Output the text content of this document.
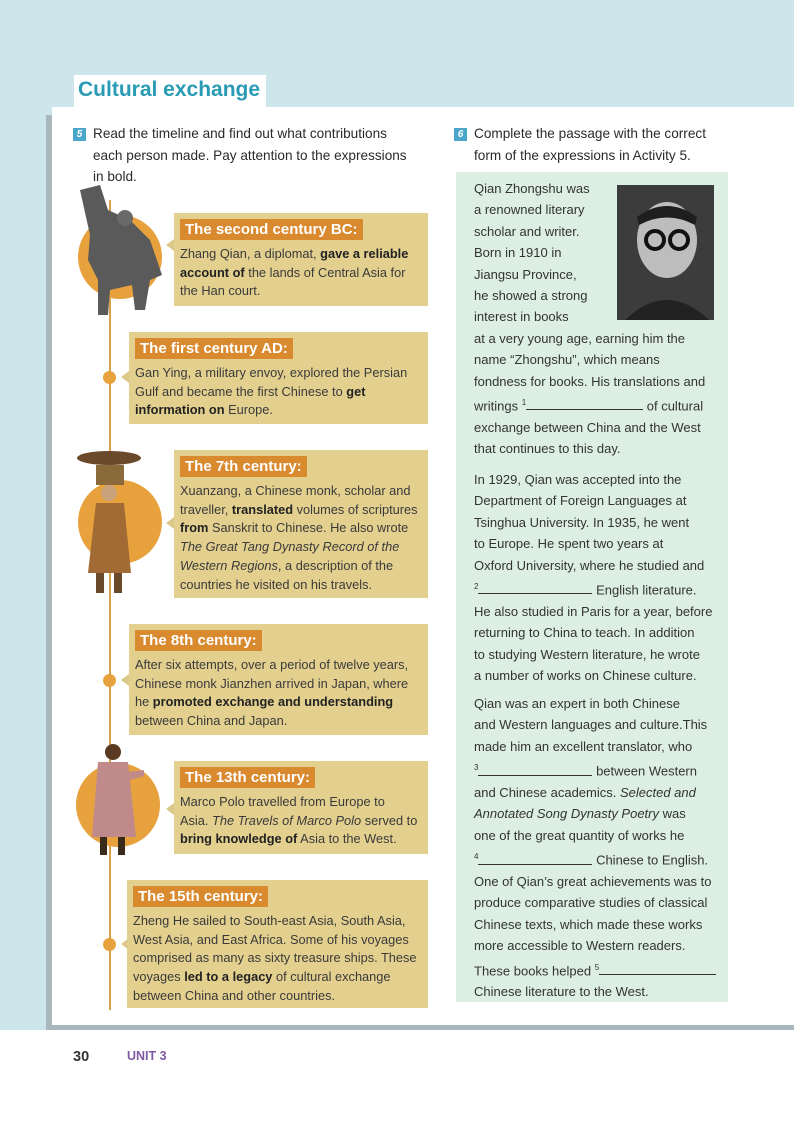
Cultural exchange
5 Read the timeline and find out what contributions
each person made. Pay attention to the expressions
in bold.
6 Complete the passage with the correct
form of the expressions in Activity 5.
The second century BC:
Zhang Qian, a diplomat, gave a reliable
account of the lands of Central Asia for
the Han court.
The first century AD:
Gan Ying, a military envoy, explored the Persian
Gulf and became the first Chinese to get
information on Europe.
The 7th century:
Xuanzang, a Chinese monk, scholar and
traveller, translated volumes of scriptures
from Sanskrit to Chinese. He also wrote
The Great Tang Dynasty Record of the
Western Regions, a description of the
countries he visited on his travels.
The 8th century:
After six attempts, over a period of twelve years,
Chinese monk Jianzhen arrived in Japan, where
he promoted exchange and understanding
between China and Japan.
The 13th century:
Marco Polo travelled from Europe to
Asia. The Travels of Marco Polo served to
bring knowledge of Asia to the West.
The 15th century:
Zheng He sailed to South-east Asia, South Asia,
West Asia, and East Africa. Some of his voyages
comprised as many as sixty treasure ships. These
voyages led to a legacy of cultural exchange
between China and other countries.
Qian Zhongshu was
a renowned literary
scholar and writer.
Born in 1910 in
Jiangsu Province,
he showed a strong
interest in books
at a very young age, earning him the
name “Zhongshu”, which means
fondness for books. His translations and
writings $^1$	of cultural
exchange between China and the West
that continues to this day.
In 1929, Qian was accepted into the
Department of Foreign Languages at
Tsinghua University. In 1935, he went
to Europe. He spent two years at
Oxford University, where he studied and
$^2$	English literature.
He also studied in Paris for a year, before
returning to China to teach. In addition
to studying Western literature, he wrote
a number of works on Chinese culture.
Qian was an expert in both Chinese
and Western languages and culture.This
made him an excellent translator, who
$^3$	between Western
and Chinese academics. Selected and
Annotated Song Dynasty Poetry was
one of the great quantity of works he
$^4$	Chinese to English.
One of Qian’s great achievements was to
produce comparative studies of classical
Chinese texts, which made these works
more accessible to Western readers.
These books helped $^5$
Chinese literature to the West.
30	UNIT 3
